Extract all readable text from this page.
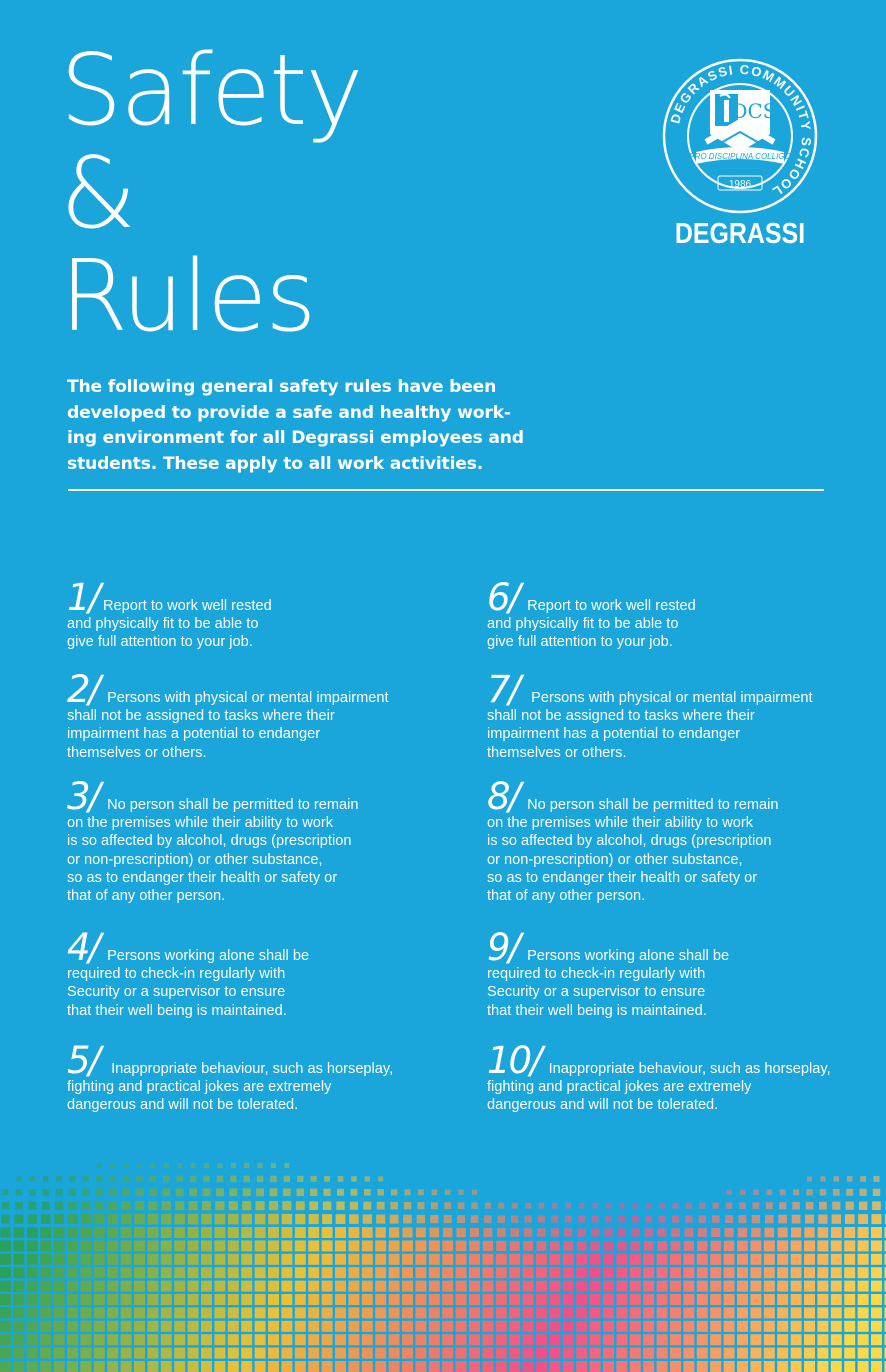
Safety
&
Rules
DEGRASSI COMMUNITY SCHOOL
DCS
PRO DISCIPLINA COLLIGO
1986
DEGRASSI
The following general safety rules have been
developed to provide a safe and healthy work-
ing environment for all Degrassi employees and
students. These apply to all work activities.
1/ Report to work well rested
and physically fit to be able to
give full attention to your job.
2/ Persons with physical or mental impairment
shall not be assigned to tasks where their
impairment has a potential to endanger
themselves or others.
3/ No person shall be permitted to remain
on the premises while their ability to work
is so affected by alcohol, drugs (prescription
or non-prescription) or other substance,
so as to endanger their health or safety or
that of any other person.
4/ Persons working alone shall be
required to check-in regularly with
Security or a supervisor to ensure
that their well being is maintained.
5/  Inappropriate behaviour, such as horseplay,
fighting and practical jokes are extremely
dangerous and will not be tolerated.
6/ Report to work well rested
and physically fit to be able to
give full attention to your job.
7/  Persons with physical or mental impairment
shall not be assigned to tasks where their
impairment has a potential to endanger
themselves or others.
8/ No person shall be permitted to remain
on the premises while their ability to work
is so affected by alcohol, drugs (prescription
or non-prescription) or other substance,
so as to endanger their health or safety or
that of any other person.
9/ Persons working alone shall be
required to check-in regularly with
Security or a supervisor to ensure
that their well being is maintained.
10/ Inappropriate behaviour, such as horseplay,
fighting and practical jokes are extremely
dangerous and will not be tolerated.
